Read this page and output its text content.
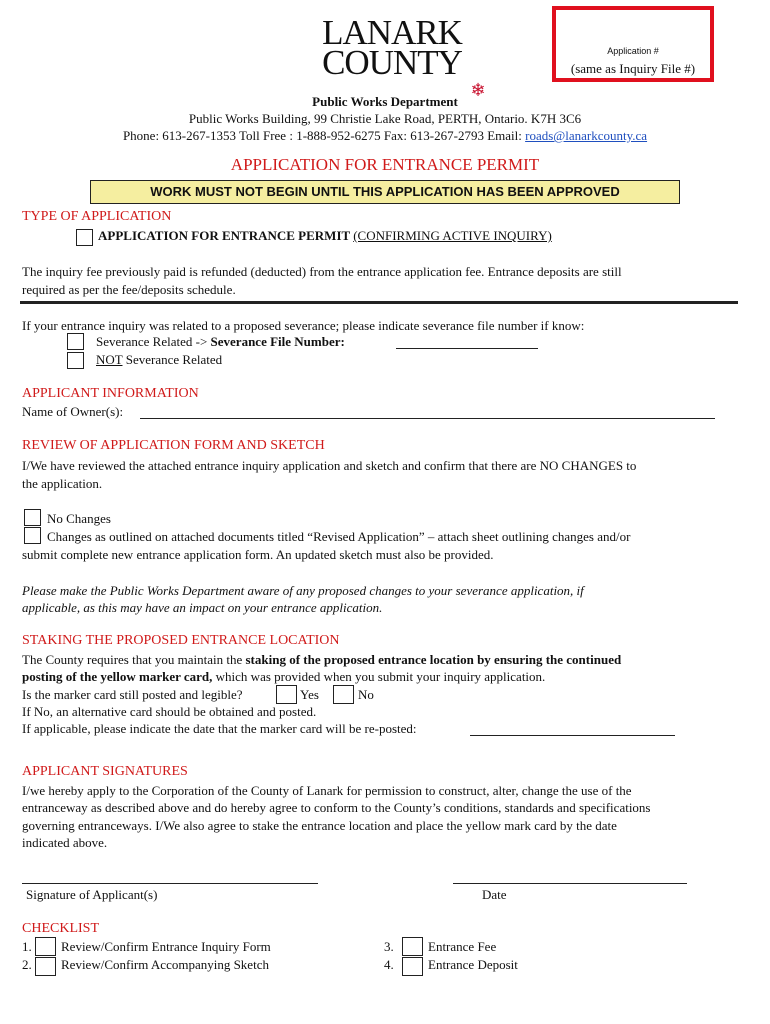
LANARK
COUNTY
❄
Application #
(same as Inquiry File #)
Public Works Department
Public Works Building, 99 Christie Lake Road, PERTH, Ontario. K7H 3C6
Phone: 613-267-1353 Toll Free : 1-888-952-6275 Fax: 613-267-2793 Email: roads@lanarkcounty.ca
APPLICATION FOR ENTRANCE PERMIT
WORK MUST NOT BEGIN UNTIL THIS APPLICATION HAS BEEN APPROVED
TYPE OF APPLICATION
APPLICATION FOR ENTRANCE PERMIT (CONFIRMING ACTIVE INQUIRY)
The inquiry fee previously paid is refunded (deducted) from the entrance application fee. Entrance deposits are still
required as per the fee/deposits schedule.
If your entrance inquiry was related to a proposed severance; please indicate severance file number if know:
Severance Related -> Severance File Number:
NOT Severance Related
APPLICANT INFORMATION
Name of Owner(s):
REVIEW OF APPLICATION FORM AND SKETCH
I/We have reviewed the attached entrance inquiry application and sketch and confirm that there are NO CHANGES to
the application.
No Changes
Changes as outlined on attached documents titled “Revised Application” – attach sheet outlining changes and/or
submit complete new entrance application form. An updated sketch must also be provided.
Please make the Public Works Department aware of any proposed changes to your severance application, if
applicable, as this may have an impact on your entrance application.
STAKING THE PROPOSED ENTRANCE LOCATION
The County requires that you maintain the staking of the proposed entrance location by ensuring the continued
posting of the yellow marker card, which was provided when you submit your inquiry application.
Is the marker card still posted and legible?	Yes	No
If No, an alternative card should be obtained and posted.
If applicable, please indicate the date that the marker card will be re-posted:
APPLICANT SIGNATURES
I/we hereby apply to the Corporation of the County of Lanark for permission to construct, alter, change the use of the
entranceway as described above and do hereby agree to conform to the County’s conditions, standards and specifications
governing entranceways. I/We also agree to stake the entrance location and place the yellow mark card by the date
indicated above.
Signature of Applicant(s)	Date
CHECKLIST
1. Review/Confirm Entrance Inquiry Form
2. Review/Confirm Accompanying Sketch
3.	Entrance Fee
4.	Entrance Deposit
